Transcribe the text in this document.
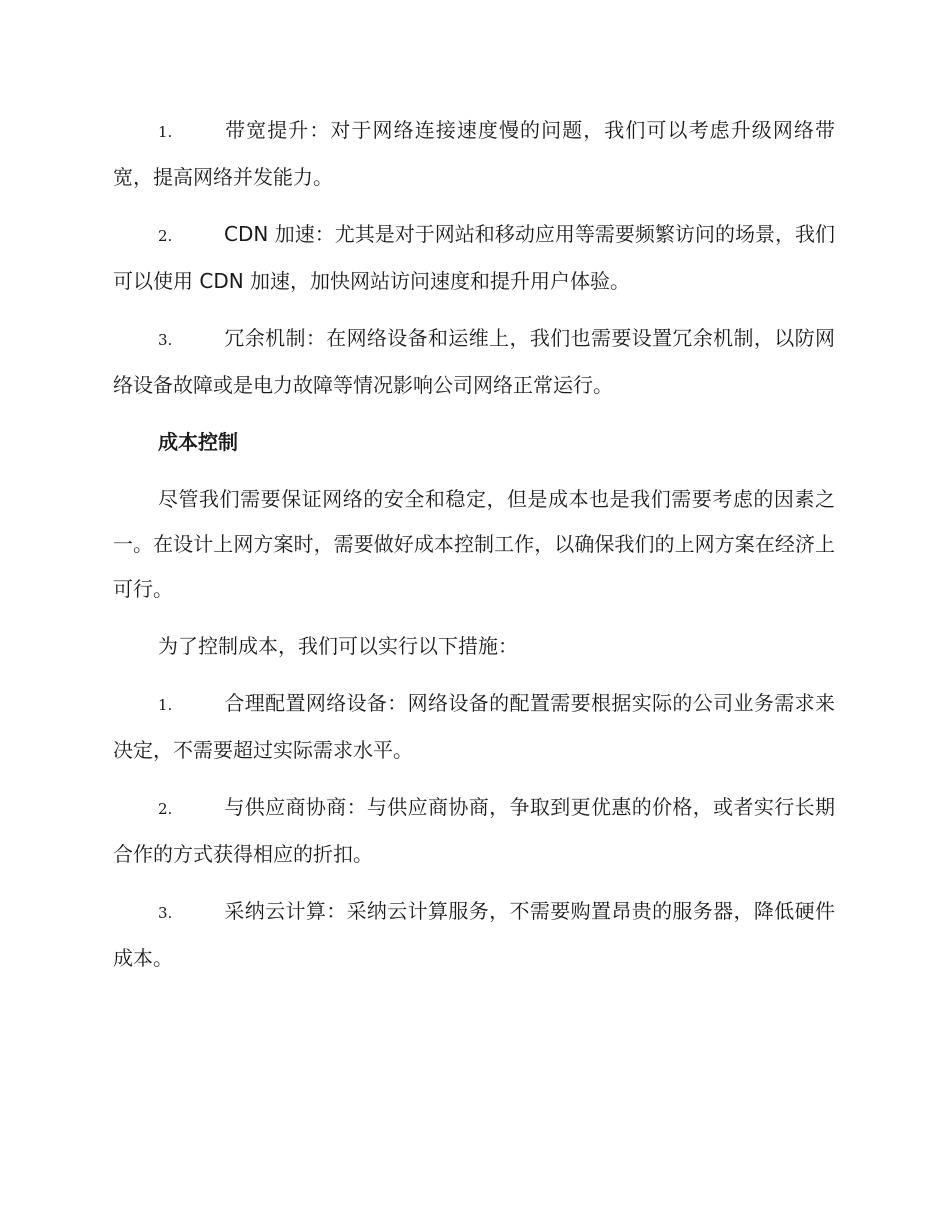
1.	带宽提升：对于网络连接速度慢的问题，我们可以考虑升级网络带宽，提高网络并发能力。
2.	CDN 加速：尤其是对于网站和移动应用等需要频繁访问的场景，我们可以使用 CDN 加速，加快网站访问速度和提升用户体验。
3.	冗余机制：在网络设备和运维上，我们也需要设置冗余机制，以防网络设备故障或是电力故障等情况影响公司网络正常运行。
成本控制
尽管我们需要保证网络的安全和稳定，但是成本也是我们需要考虑的因素之一。在设计上网方案时，需要做好成本控制工作，以确保我们的上网方案在经济上可行。
为了控制成本，我们可以实行以下措施：
1.	合理配置网络设备：网络设备的配置需要根据实际的公司业务需求来决定，不需要超过实际需求水平。
2.	与供应商协商：与供应商协商，争取到更优惠的价格，或者实行长期合作的方式获得相应的折扣。
3.	采纳云计算：采纳云计算服务，不需要购置昂贵的服务器，降低硬件成本。
